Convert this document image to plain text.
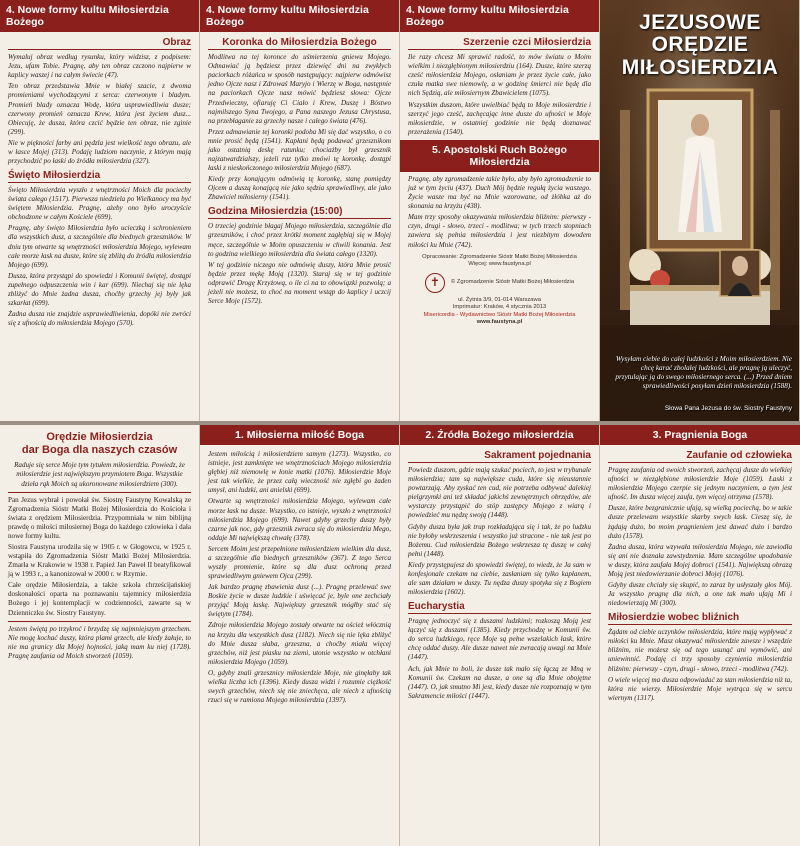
4. Nowe formy kultu Miłosierdzia Bożego
Obraz

Wymaluj obraz według rysunku, który widzisz, z podpisem: Jezu, ufam Tobie. Pragnę, aby ten obraz czczono najpierw w kaplicy waszej i na całym świecie (47).

Ten obraz przedstawia Mnie w białej szacie, z dwoma promieniami wychodzącymi z serca: czerwonym i bladym. Promień blady oznacza Wodę, która usprawiedliwia dusze; czerwony promień oznacza Krew, która jest życiem dusz... Obiecuję, że dusza, która czcić będzie ten obraz, nie zginie (299).

Nie w piękności farby ani pędzla jest wielkość tego obrazu, ale w łasce Mojej (313). Podaję ludziom naczynie, z którym mają przychodzić po łaski do źródła miłosierdzia (327).

Święto Miłosierdzia

Święto Miłosierdzia wyszło z wnętrzności Moich dla pociechy świata całego (1517). Pierwsza niedziela po Wielkanocy ma być świętem Miłosierdzia. Pragnę, ażeby ono było uroczyście obchodzone w całym Kościele (699).

Pragnę, aby święto Miłosierdzia było ucieczką i schronieniem dla wszystkich dusz, a szczególnie dla biednych grzeszników. W dniu tym otwarte są wnętrzności miłosierdzia Mojego, wylewam całe morze łask na dusze, które się zbliżą do źródła miłosierdzia Mojego (699).

Dusza, która przystąpi do spowiedzi i Komunii świętej, dostąpi zupełnego odpuszczenia win i kar (699). Niechaj się nie lęka zbliżyć do Mnie żadna dusza, choćby grzechy jej były jak szkarłat (699).

Żadna dusza nie znajdzie usprawiedliwienia, dopóki nie zwróci się z ufnością do miłosierdzia Mojego (570).

4. Nowe formy kultu Miłosierdzia Bożego
Koronka do Miłosierdzia Bożego

Modlitwa na tej koronce do uśmierzenia gniewu Mojego. Odmawiać ją będziesz przez dziewięć dni na zwykłych paciorkach różańca w sposób następujący: najpierw odmówisz jedno Ojcze nasz i Zdrowaś Maryjo i Wierzę w Boga, następnie na paciorkach Ojcze nasz mówić będziesz słowa: Ojcze Przedwieczny, ofiaruję Ci Ciało i Krew, Duszę i Bóstwo najmilszego Syna Twojego, a Pana naszego Jezusa Chrystusa, na przebłaganie za grzechy nasze i całego świata (476).

Przez odmawianie tej koronki podoba Mi się dać wszystko, o co mnie prosić będą (1541). Kapłani będą podawać grzesznikom jako ostatnią deskę ratunku; chociażby był grzesznik najzatwardzialszy, jeżeli raz tylko zmówi tę koronkę, dostąpi łaski z nieskończonego miłosierdzia Mojego (687).

Kiedy przy konającym odmówią tę koronkę, stanę pomiędzy Ojcem a duszą konającą nie jako sędzia sprawiedliwy, ale jako Zbawiciel miłosierny (1541).

Godzina Miłosierdzia (15:00)

O trzeciej godzinie błagaj Mojego miłosierdzia, szczególnie dla grzeszników, i choć przez krótki moment zagłębiaj się w Mojej męce, szczególnie w Moim opuszczeniu w chwili konania. Jest to godzina wielkiego miłosierdzia dla świata całego (1320).

W tej godzinie niczego nie odmówię duszy, która Mnie prosić będzie przez mękę Moją (1320). Staraj się w tej godzinie odprawić Drogę Krzyżową, o ile ci na to obowiązki pozwolą; a jeżeli nie możesz, to choć na moment wstąp do kaplicy i uczcij Serce Moje (1572).

4. Nowe formy kultu Miłosierdzia Bożego
Szerzenie czci Miłosierdzia

Ile razy chcesz Mi sprawić radość, to mów światu o Moim wielkim i niezgłębionym miłosierdziu (164). Dusze, które szerzą cześć miłosierdzia Mojego, osłaniam je przez życie całe, jako czuła matka swe niemowlę, a w godzinę śmierci nie będę dla nich Sędzią, ale miłosiernym Zbawicielem (1075).

Wszystkim duszom, które uwielbiać będą to Moje miłosierdzie i szerzyć jego cześć, zachęcając inne dusze do ufności w Moje miłosierdzie, w ostatniej godzinie nie będą doznawać przerażenia (1540).

5. Apostolski Ruch Bożego Miłosierdzia

Pragnę, aby zgromadzenie takie było, aby było zgromadzenie to już w tym życiu (437). Duch Mój będzie regułą życia waszego. Życie wasze ma być na Mnie wzorowane, od żłóbka aż do skonania na krzyżu (438).

Mam trzy sposoby okazywania miłosierdzia bliźnim: pierwszy - czyn, drugi - słowo, trzeci - modlitwa; w tych trzech stopniach zawiera się pełnia miłosierdzia i jest niezbitym dowodem miłości ku Mnie (742).

Opracowanie: Zgromadzenie Sióstr Matki Bożej Miłosierdzia
Więcej: www.faustyna.pl
✝	© Zgromadzenie Sióstr Matki Bożej Miłosierdzia
ul. Żytnia 3/9, 01-014 Warszawa
Imprimatur: Kraków, 4 stycznia 2013
Misericordia - Wydawnictwo Sióstr Matki Bożej Miłosierdzia
www.faustyna.pl
JEZUSOWE
ORĘDZIE
MIŁOSIERDZIA
Wysyłam ciebie do całej ludzkości z Moim miłosierdziem. Nie chcę karać zbolałej ludzkości, ale pragnę ją uleczyć, przytulając ją do swego miłosiernego serca. (...) Przed dniem sprawiedliwości posyłam dzień miłosierdzia (1588).
Słowa Pana Jezusa do św. Siostry Faustyny
Orędzie Miłosierdzia
dar Boga dla naszych czasów

Raduje się serce Moje tym tytułem miłosierdzia. Powiedz, że miłosierdzie jest największym przymiotem Boga. Wszystkie dzieła rąk Moich są ukoronowane miłosierdziem (300).

Pan Jezus wybrał i powołał św. Siostrę Faustynę Kowalską ze Zgromadzenia Sióstr Matki Bożej Miłosierdzia do Kościoła i świata z orędziem Miłosierdzia. Przypomniała w nim biblijną prawdę o miłości miłosiernej Boga do każdego człowieka i dała nowe formy kultu.

Siostra Faustyna urodziła się w 1905 r. w Głogowcu, w 1925 r. wstąpiła do Zgromadzenia Sióstr Matki Bożej Miłosierdzia. Zmarła w Krakowie w 1938 r. Papież Jan Paweł II beatyfikował ją w 1993 r., a kanonizował w 2000 r. w Rzymie.

Całe orędzie Miłosierdzia, a także szkoła chrześcijańskiej doskonałości oparta na poznawaniu tajemnicy miłosierdzia Bożego i jej kontemplacji w codzienności, zawarte są w Dzienniczku św. Siostry Faustyny.

Jestem świętą po trzykroć i brzydzę się najmniejszym grzechem. Nie mogę kochać duszy, która plami grzech, ale kiedy żałuje, to nie ma granicy dla Mojej hojności, jaką mam ku niej (1728). Pragnę zaufania od Moich stworzeń (1059).

1. Miłosierna miłość Boga

Jestem miłością i miłosierdziem samym (1273). Wszystko, co istnieje, jest zamknięte we wnętrznościach Mojego miłosierdzia głębiej niż niemowlę w łonie matki (1076). Miłosierdzie Moje jest tak wielkie, że przez całą wieczność nie zgłębi go żaden umysł, ani ludzki, ani anielski (699).

Otwarte są wnętrzności miłosierdzia Mojego, wylewam całe morze łask na dusze. Wszystko, co istnieje, wyszło z wnętrzności miłosierdzia Mojego (699). Nawet gdyby grzechy duszy były czarne jak noc, gdy grzesznik zwraca się do miłosierdzia Mego, oddaje Mi największą chwałę (378).

Sercem Moim jest przepełnione miłosierdziem wielkim dla dusz, a szczególnie dla biednych grzeszników (367). Z tego Serca wyszły promienie, które są dla dusz ochroną przed sprawiedliwym gniewem Ojca (299).

Jak bardzo pragnę zbawienia dusz (...). Pragnę przelewać swe Boskie życie w dusze ludzkie i uświęcać je, byle one zechciały przyjąć Moją łaskę. Największy grzesznik mógłby stać się świętym (1784).

Zdroje miłosierdzia Mojego zostały otwarte na oścież włócznią na krzyżu dla wszystkich dusz (1182). Niech się nie lęka zbliżyć do Mnie dusza słaba, grzeszna, a choćby miała więcej grzechów, niż jest piasku na ziemi, utonie wszystko w otchłani miłosierdzia Mojego (1059).

O, gdyby znali grzesznicy miłosierdzie Moje, nie ginęłaby tak wielka liczba ich (1396). Kiedy dusza widzi i rozumie ciężkość swych grzechów, niech się nie zniechęca, ale niech z ufnością rzuci się w ramiona Mojego miłosierdzia (1397).

2. Źródła Bożego miłosierdzia
Sakrament pojednania

Powiedz duszom, gdzie mają szukać pociech, to jest w trybunale miłosierdzia; tam są największe cuda, które się nieustannie powtarzają. Aby zyskać ten cud, nie potrzeba odbywać dalekiej pielgrzymki ani też składać jakichś zewnętrznych obrzędów, ale wystarczy przystąpić do stóp zastępcy Mojego z wiarą i powiedzieć mu nędzę swoją (1448).

Gdyby dusza była jak trup rozkładająca się i tak, że po ludzku nie byłoby wskrzeszenia i wszystko już stracone - nie tak jest po Bożemu. Cud miłosierdzia Bożego wskrzesza tę duszę w całej pełni (1448).

Kiedy przystępujesz do spowiedzi świętej, to wiedz, że Ja sam w konfesjonale czekam na ciebie, zasłaniam się tylko kapłanem, ale sam działam w duszy. Tu nędza duszy spotyka się z Bogiem miłosierdzia (1602).

Eucharystia

Pragnę jednoczyć się z duszami ludzkimi; rozkoszą Moją jest łączyć się z duszami (1385). Kiedy przychodzę w Komunii św. do serca ludzkiego, ręce Moje są pełne wszelakich łask, które chcę oddać duszy. Ale dusze nawet nie zwracają uwagi na Mnie (1447).

Ach, jak Mnie to boli, że dusze tak mało się łączą ze Mną w Komunii św. Czekam na dusze, a one są dla Mnie obojętne (1447). O, jak smutno Mi jest, kiedy dusze nie rozpoznają w tym Sakramencie miłości (1447).

3. Pragnienia Boga
Zaufanie od człowieka

Pragnę zaufania od swoich stworzeń, zachęcaj dusze do wielkiej ufności w niezgłębione miłosierdzie Moje (1059). Łaski z miłosierdzia Mojego czerpie się jednym naczyniem, a tym jest ufność. Im dusza więcej zaufa, tym więcej otrzyma (1578).

Dusze, które bezgranicznie ufają, są wielką pociechą, bo w takie dusze przelewam wszystkie skarby swych łask. Cieszę się, że żądają dużo, bo moim pragnieniem jest dawać dużo i bardzo dużo (1578).

Żadna dusza, która wzywała miłosierdzia Mojego, nie zawiodła się ani nie doznała zawstydzenia. Mam szczególne upodobanie w duszy, która zaufała Mojej dobroci (1541). Największą obrazą Moją jest niedowierzanie dobroci Mojej (1076).

Gdyby dusze chciały się skupić, to zaraz by usłyszały głos Mój. Ja wszystko pragnę dla nich, a one tak mało ufają Mi i niedowierzają Mi (300).

Miłosierdzie wobec bliźnich

Żądam od ciebie uczynków miłosierdzia, które mają wypływać z miłości ku Mnie. Masz okazywać miłosierdzie zawsze i wszędzie bliźnim, nie możesz się od tego usunąć ani wymówić, ani uniewinnić. Podaję ci trzy sposoby czynienia miłosierdzia bliźnim: pierwszy - czyn, drugi - słowo, trzeci - modlitwa (742).

O wiele więcej ma dusza odpowiadać za stan miłosierdzia niż ta, która nie wierzy. Miłosierdzie Moje wytrąca się w sercu wiernym (1317).
